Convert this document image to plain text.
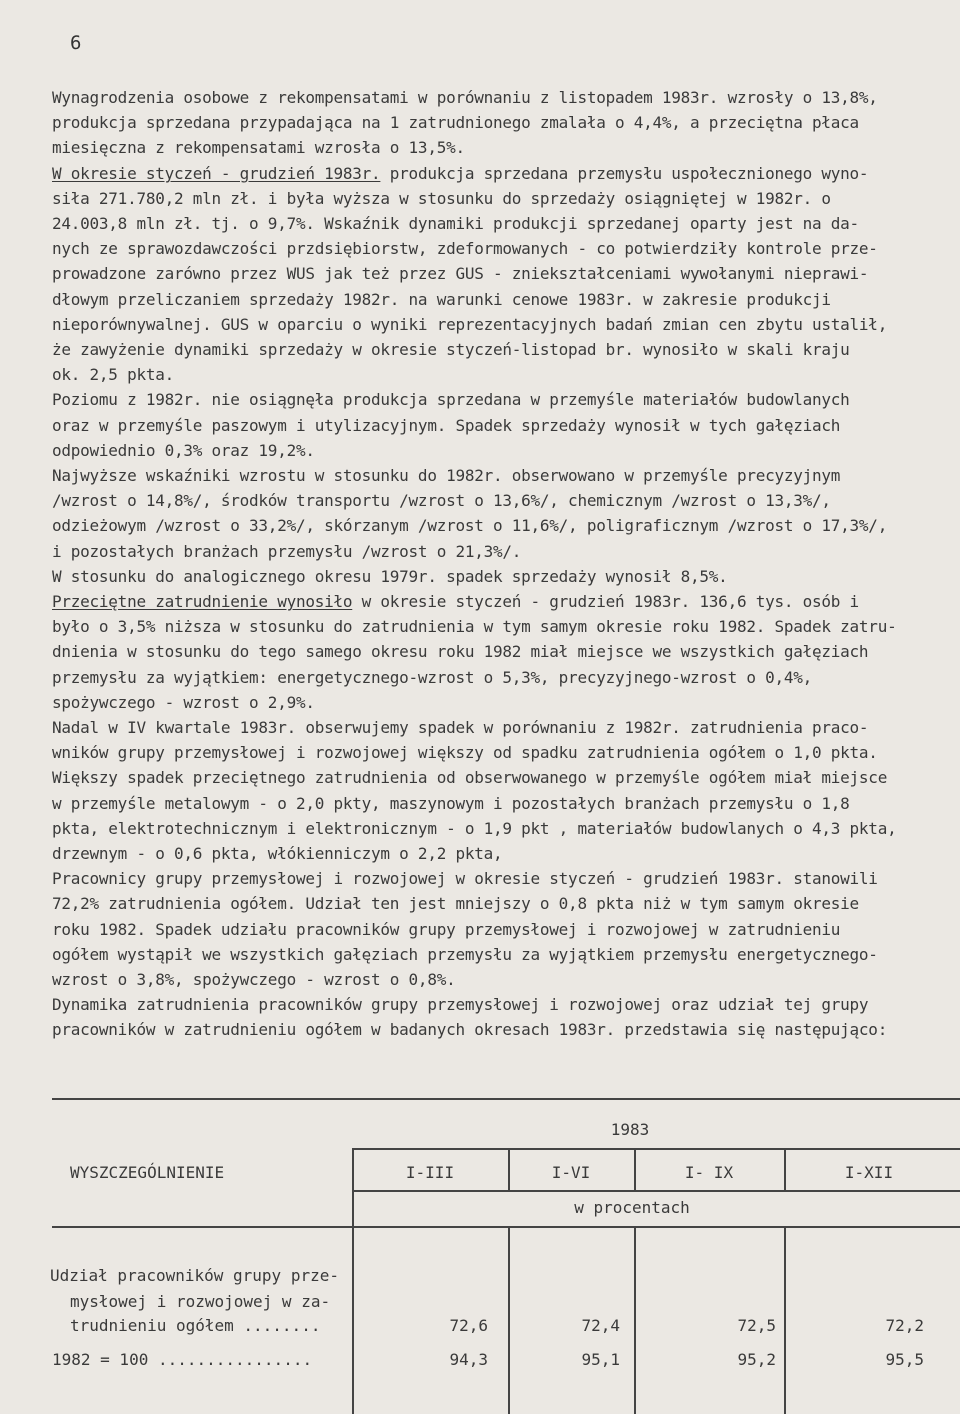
6
Wynagrodzenia osobowe z rekompensatami w porównaniu z listopadem 1983r. wzrosły o 13,8%,
produkcja sprzedana przypadająca na 1 zatrudnionego zmalała o 4,4%, a przeciętna płaca
miesięczna z rekompensatami wzrosła o 13,5%.
W okresie styczeń - grudzień 1983r. produkcja sprzedana przemysłu uspołecznionego wyno-
siła 271.780,2 mln zł. i była wyższa w stosunku do sprzedaży osiągniętej w 1982r. o
24.003,8 mln zł. tj. o 9,7%. Wskaźnik dynamiki produkcji sprzedanej oparty jest na da-
nych ze sprawozdawczości przdsiębiorstw, zdeformowanych - co potwierdziły kontrole prze-
prowadzone zarówno przez WUS jak też przez GUS - zniekształceniami wywołanymi nieprawi-
dłowym przeliczaniem sprzedaży 1982r. na warunki cenowe 1983r. w zakresie produkcji
nieporównywalnej. GUS w oparciu o wyniki reprezentacyjnych badań zmian cen zbytu ustalił,
że zawyżenie dynamiki sprzedaży w okresie styczeń-listopad br. wynosiło w skali kraju
ok. 2,5 pkta.
Poziomu z 1982r. nie osiągnęła produkcja sprzedana w przemyśle materiałów budowlanych
oraz w przemyśle paszowym i utylizacyjnym. Spadek sprzedaży wynosił w tych gałęziach
odpowiednio 0,3% oraz 19,2%.
Najwyższe wskaźniki wzrostu w stosunku do 1982r. obserwowano w przemyśle precyzyjnym
/wzrost o 14,8%/, środków transportu /wzrost o 13,6%/, chemicznym /wzrost o 13,3%/,
odzieżowym /wzrost o 33,2%/, skórzanym /wzrost o 11,6%/, poligraficznym /wzrost o 17,3%/,
i pozostałych branżach przemysłu /wzrost o 21,3%/.
W stosunku do analogicznego okresu 1979r. spadek sprzedaży wynosił 8,5%.
Przeciętne zatrudnienie wynosiło w okresie styczeń - grudzień 1983r. 136,6 tys. osób i
było o 3,5% niższa w stosunku do zatrudnienia w tym samym okresie roku 1982. Spadek zatru-
dnienia w stosunku do tego samego okresu roku 1982 miał miejsce we wszystkich gałęziach
przemysłu za wyjątkiem: energetycznego-wzrost o 5,3%, precyzyjnego-wzrost o 0,4%,
spożywczego - wzrost o 2,9%.
Nadal w IV kwartale 1983r. obserwujemy spadek w porównaniu z 1982r. zatrudnienia praco-
wników grupy przemysłowej i rozwojowej większy od spadku zatrudnienia ogółem o 1,0 pkta.
Większy spadek przeciętnego zatrudnienia od obserwowanego w przemyśle ogółem miał miejsce
w przemyśle metalowym - o 2,0 pkty, maszynowym i pozostałych branżach przemysłu o 1,8
pkta, elektrotechnicznym i elektronicznym - o 1,9 pkt , materiałów budowlanych o 4,3 pkta,
drzewnym - o 0,6 pkta, włókienniczym o 2,2 pkta,
Pracownicy grupy przemysłowej i rozwojowej w okresie styczeń - grudzień 1983r. stanowili
72,2% zatrudnienia ogółem. Udział ten jest mniejszy o 0,8 pkta niż w tym samym okresie
roku 1982. Spadek udziału pracowników grupy przemysłowej i rozwojowej w zatrudnieniu
ogółem wystąpił we wszystkich gałęziach przemysłu za wyjątkiem przemysłu energetycznego-
wzrost o 3,8%, spożywczego - wzrost o 0,8%.
Dynamika zatrudnienia pracowników grupy przemysłowej i rozwojowej oraz udział tej grupy
pracowników w zatrudnieniu ogółem w badanych okresach 1983r. przedstawia się następująco:
1983
WYSZCZEGÓLNIENIE	I-III	I-VI	I- IX	I-XII
w procentach
Udział pracowników grupy prze-
mysłowej i rozwojowej w za-
trudnieniu ogółem ........	72,6	72,4	72,5	72,2
1982 = 100 ................	94,3	95,1	95,2	95,5
